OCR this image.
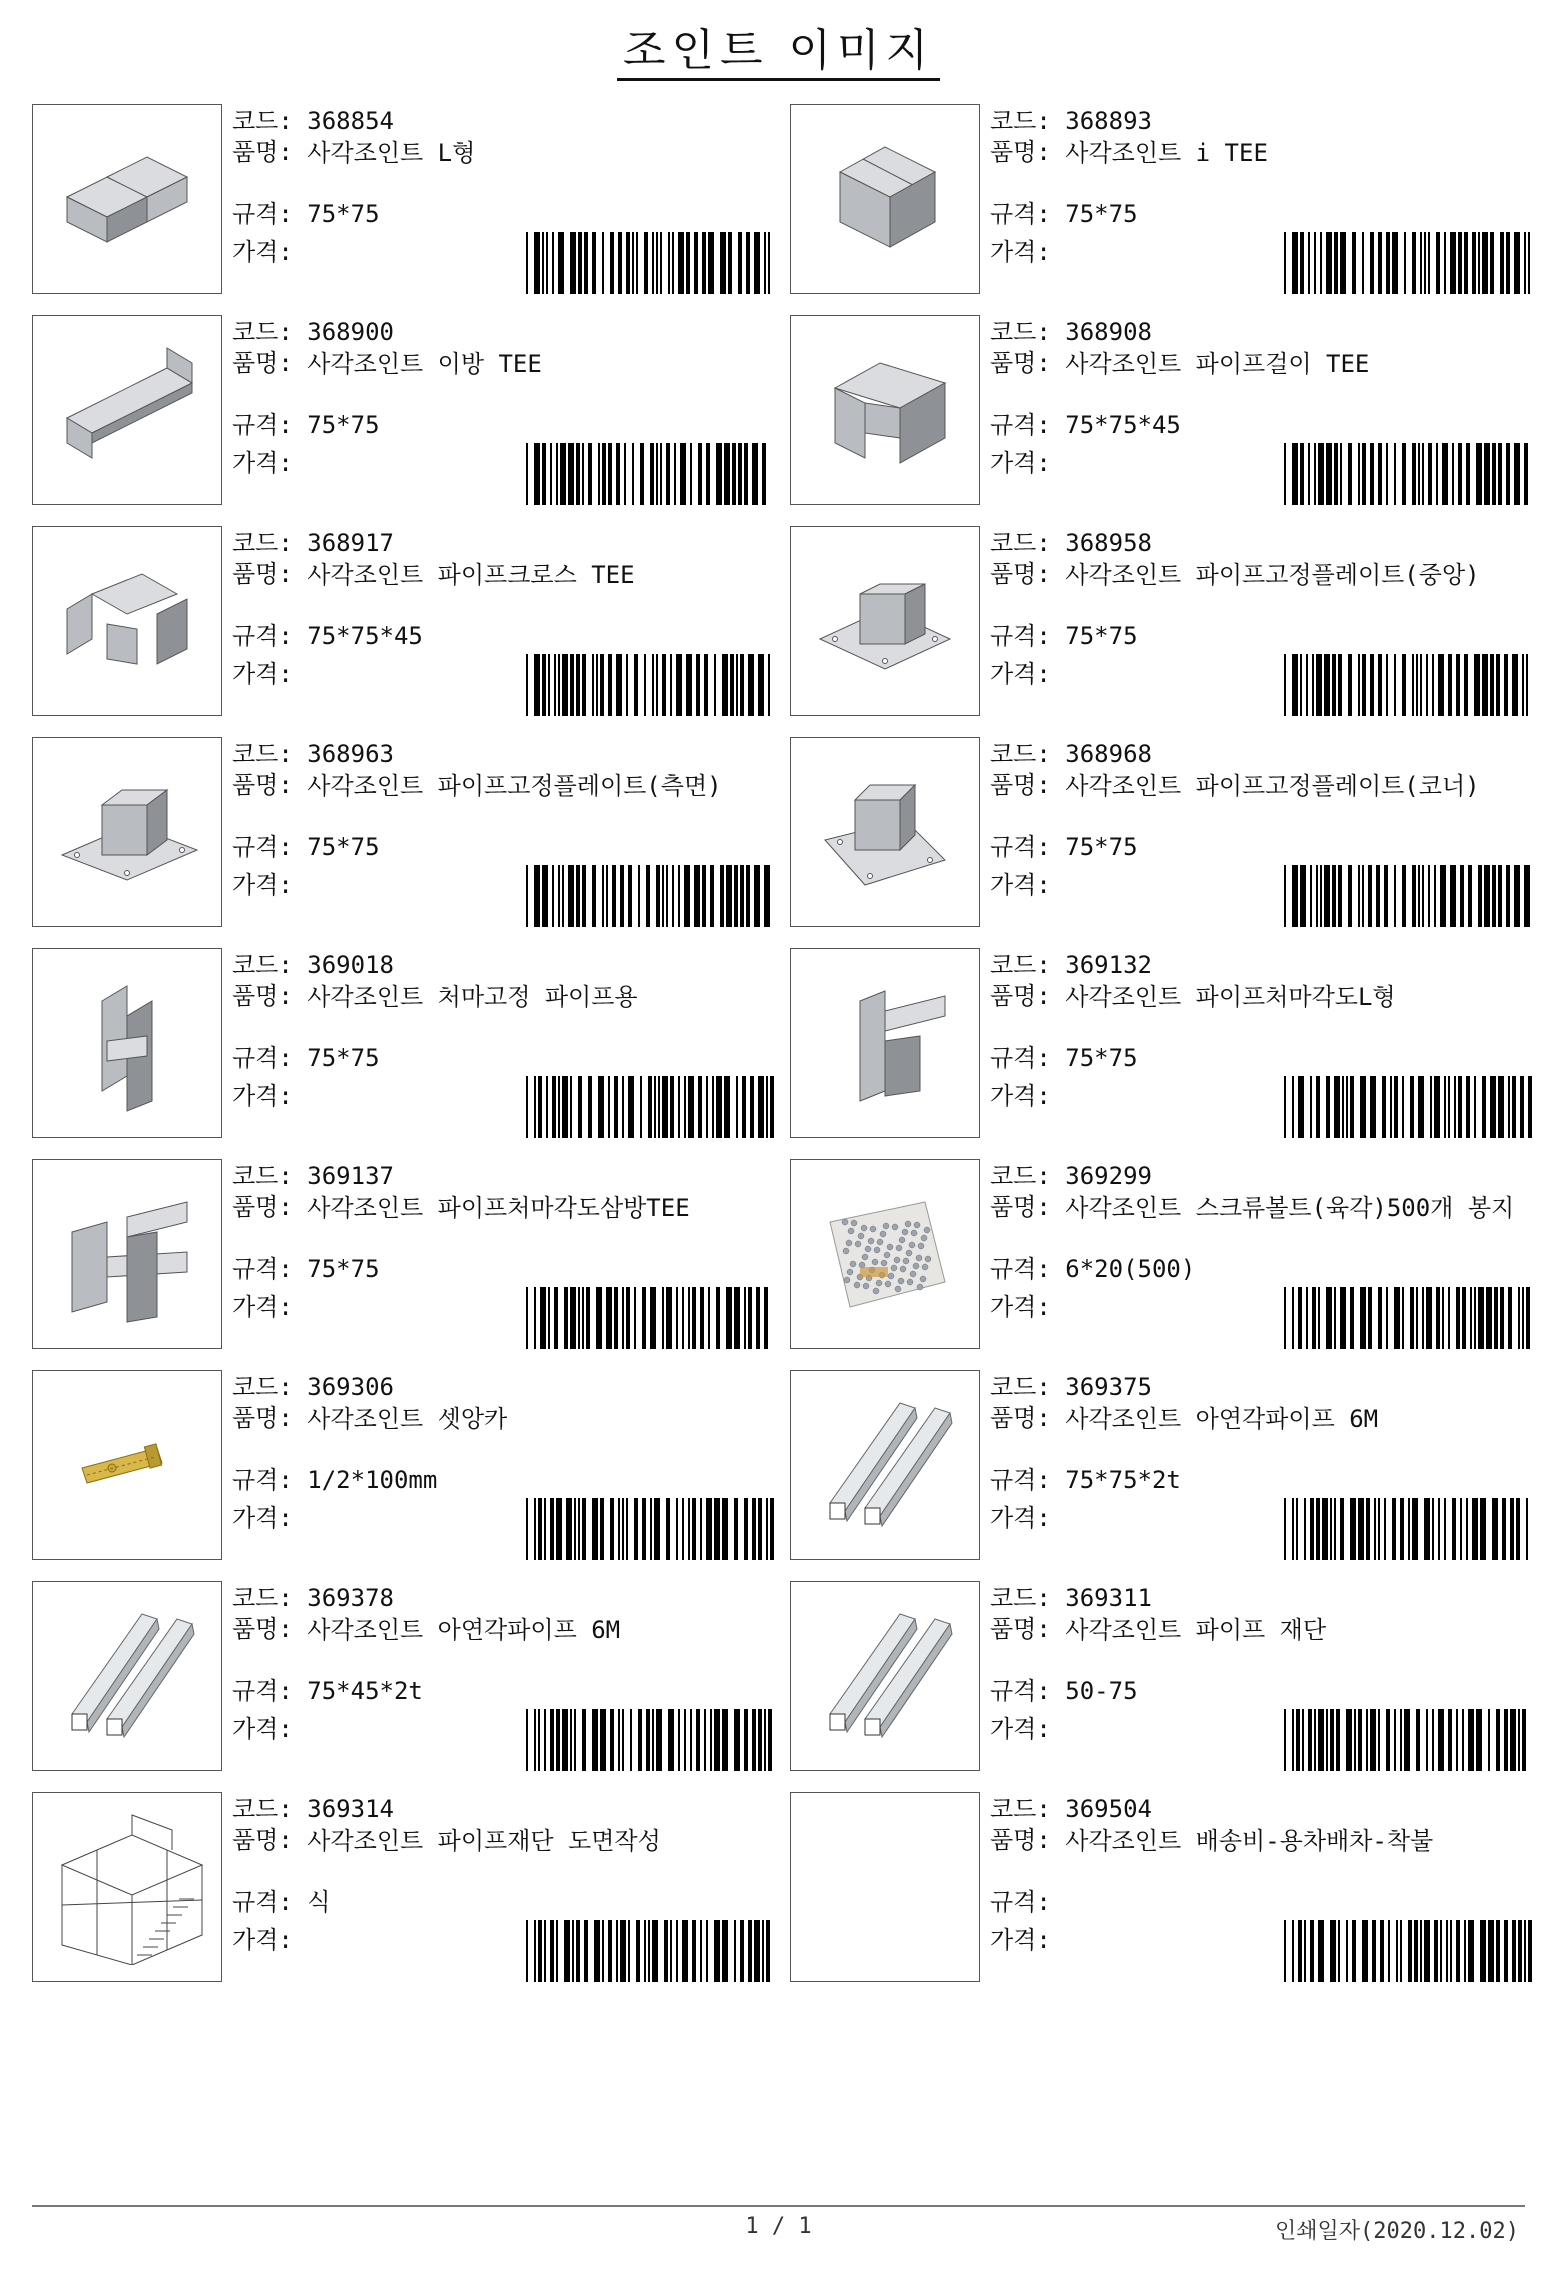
조인트 이미지
코드: 368854
품명: 사각조인트 L형
규격: 75*75
가격:
코드: 368893
품명: 사각조인트 i TEE
규격: 75*75
가격:
코드: 368900
품명: 사각조인트 이방 TEE
규격: 75*75
가격:
코드: 368908
품명: 사각조인트 파이프걸이 TEE
규격: 75*75*45
가격:
코드: 368917
품명: 사각조인트 파이프크로스 TEE
규격: 75*75*45
가격:
코드: 368958
품명: 사각조인트 파이프고정플레이트(중앙)
규격: 75*75
가격:
코드: 368963
품명: 사각조인트 파이프고정플레이트(측면)
규격: 75*75
가격:
코드: 368968
품명: 사각조인트 파이프고정플레이트(코너)
규격: 75*75
가격:
코드: 369018
품명: 사각조인트 처마고정 파이프용
규격: 75*75
가격:
코드: 369132
품명: 사각조인트 파이프처마각도L형
규격: 75*75
가격:
코드: 369137
품명: 사각조인트 파이프처마각도삼방TEE
규격: 75*75
가격:
코드: 369299
품명: 사각조인트 스크류볼트(육각)500개 봉지
규격: 6*20(500)
가격:
코드: 369306
품명: 사각조인트 셋앙카
규격: 1/2*100mm
가격:
코드: 369375
품명: 사각조인트 아연각파이프 6M
규격: 75*75*2t
가격:
코드: 369378
품명: 사각조인트 아연각파이프 6M
규격: 75*45*2t
가격:
코드: 369311
품명: 사각조인트 파이프 재단
규격: 50-75
가격:
코드: 369314
품명: 사각조인트 파이프재단 도면작성
규격: 식
가격:
코드: 369504
품명: 사각조인트 배송비-용차배차-착불
규격:
가격:
1 / 1	인쇄일자(2020.12.02)
